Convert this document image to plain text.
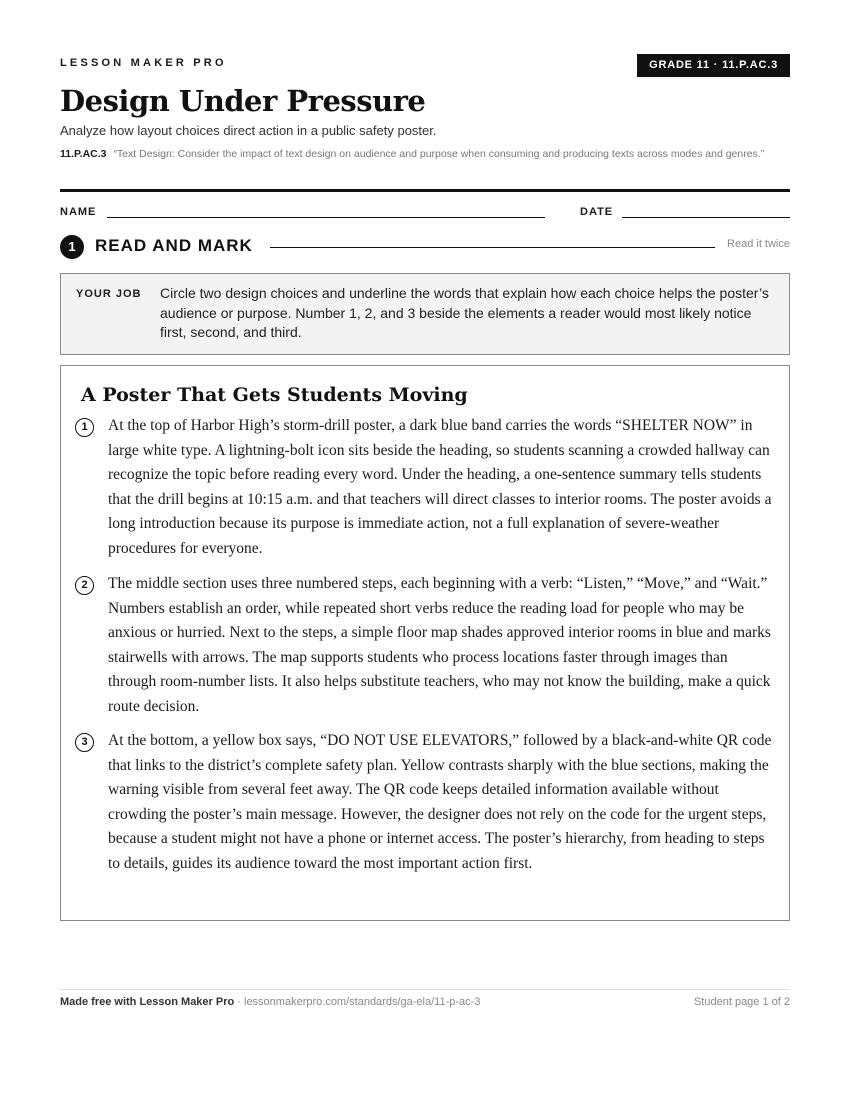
LESSON MAKER PRO	GRADE 11 · 11.P.AC.3
Design Under Pressure
Analyze how layout choices direct action in a public safety poster.
11.P.AC.3 “Text Design: Consider the impact of text design on audience and purpose when consuming and producing texts across modes and genres.”
NAME	DATE
1	READ AND MARK	Read it twice
YOUR JOB Circle two design choices and underline the words that explain how each choice helps the poster’s audience or purpose. Number 1, 2, and 3 beside the elements a reader would most likely notice first, second, and third.
A Poster That Gets Students Moving
1	At the top of Harbor High’s storm-drill poster, a dark blue band carries the words “SHELTER NOW” in large white type. A lightning-bolt icon sits beside the heading, so students scanning a crowded hallway can recognize the topic before reading every word. Under the heading, a one-sentence summary tells students that the drill begins at 10:15 a.m. and that teachers will direct classes to interior rooms. The poster avoids a long introduction because its purpose is immediate action, not a full explanation of severe-weather procedures for everyone.
2	The middle section uses three numbered steps, each beginning with a verb: “Listen,” “Move,” and “Wait.” Numbers establish an order, while repeated short verbs reduce the reading load for people who may be anxious or hurried. Next to the steps, a simple floor map shades approved interior rooms in blue and marks stairwells with arrows. The map supports students who process locations faster through images than through room-number lists. It also helps substitute teachers, who may not know the building, make a quick route decision.
3	At the bottom, a yellow box says, “DO NOT USE ELEVATORS,” followed by a black-and-white QR code that links to the district’s complete safety plan. Yellow contrasts sharply with the blue sections, making the warning visible from several feet away. The QR code keeps detailed information available without crowding the poster’s main message. However, the designer does not rely on the code for the urgent steps, because a student might not have a phone or internet access. The poster’s hierarchy, from heading to steps to details, guides its audience toward the most important action first.
Made free with Lesson Maker Pro · lessonmakerpro.com/standards/ga-ela/11-p-ac-3	Student page 1 of 2
